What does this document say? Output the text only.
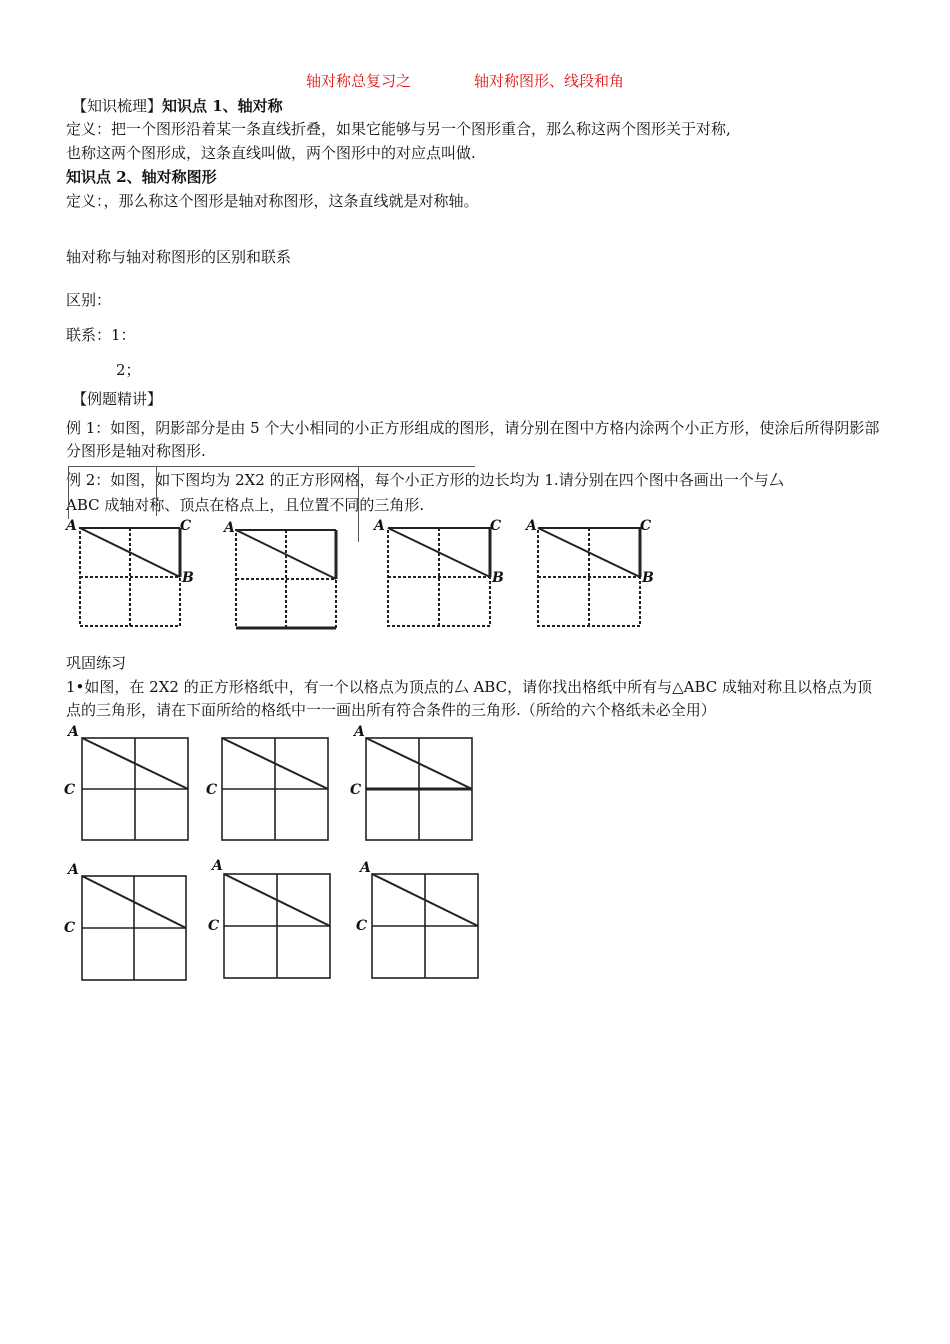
轴对称总复习之	轴对称图形、线段和角
【知识梳理】知识点 1、轴对称
定义：把一个图形沿着某一条直线折叠，如果它能够与另一个图形重合，那么称这两个图形关于对称,
也称这两个图形成，这条直线叫做，两个图形中的对应点叫做.
知识点 2、轴对称图形
定义：，那么称这个图形是轴对称图形，这条直线就是对称轴。
轴对称与轴对称图形的区别和联系
区别：
联系：1：
2；
【例题精讲】
例 1：如图，阴影部分是由 5 个大小相同的小正方形组成的图形，请分别在图中方格内涂两个小正方形，使涂后所得阴影部分图形是轴对称图形.
例 2：如图，如下图均为 2X2 的正方形网格，每个小正方形的边长均为 1.请分别在四个图中各画出一个与厶
ABC 成轴对称、顶点在格点上，且位置不同的三角形.
A	C
B
A	A	C
B
A	C
B
巩固练习
1•如图，在 2X2 的正方形格纸中，有一个以格点为顶点的厶 ABC，请你找出格纸中所有与△ABC 成轴对称且以格点为顶点的三角形，请在下面所给的格纸中一一画出所有符合条件的三角形.（所给的六个格纸未必全用）
A
C	C
A
C
A
C
A
C
A
C
